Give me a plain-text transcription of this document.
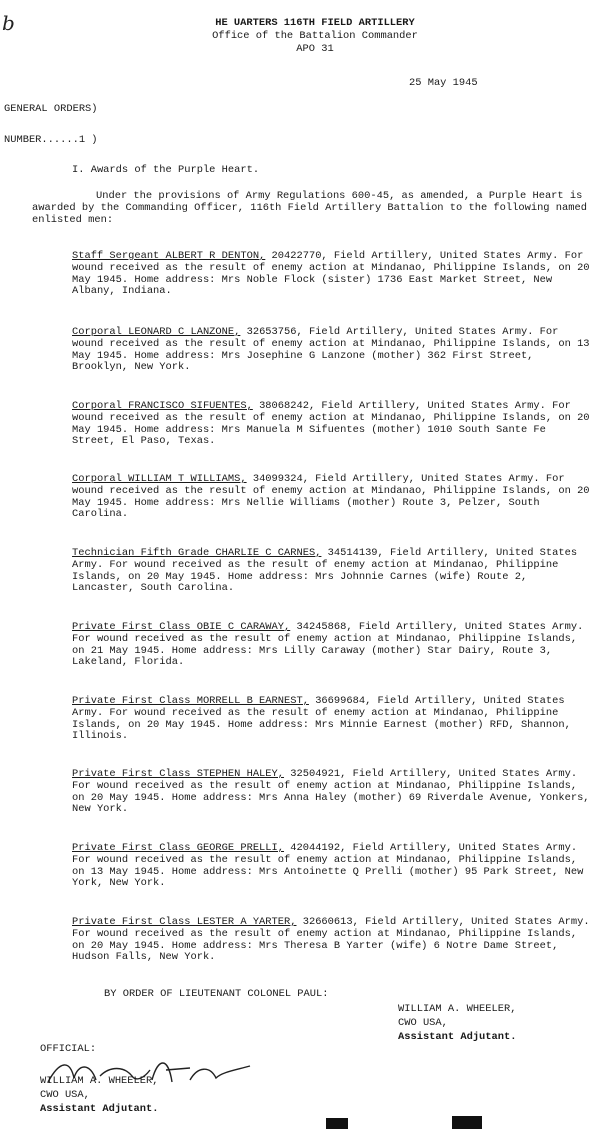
b	HE UARTERS 116TH FIELD ARTILLERY
Office of the Battalion Commander
APO 31
25 May 1945
GENERAL ORDERS)
NUMBER......1 )
I. Awards of the Purple Heart.
Under the provisions of Army Regulations 600-45, as amended, a Purple Heart is awarded by the Commanding Officer, 116th Field Artillery Battalion to the following named enlisted men:
Staff Sergeant ALBERT R DENTON, 20422770, Field Artillery, United States Army. For wound received as the result of enemy action at Mindanao, Philippine Islands, on 20 May 1945. Home address: Mrs Noble Flock (sister) 1736 East Market Street, New Albany, Indiana.
Corporal LEONARD C LANZONE, 32653756, Field Artillery, United States Army. For wound received as the result of enemy action at Mindanao, Philippine Islands, on 13 May 1945. Home address: Mrs Josephine G Lanzone (mother) 362 First Street, Brooklyn, New York.
Corporal FRANCISCO SIFUENTES, 38068242, Field Artillery, United States Army. For wound received as the result of enemy action at Mindanao, Philippine Islands, on 20 May 1945. Home address: Mrs Manuela M Sifuentes (mother) 1010 South Sante Fe Street, El Paso, Texas.
Corporal WILLIAM T WILLIAMS, 34099324, Field Artillery, United States Army. For wound received as the result of enemy action at Mindanao, Philippine Islands, on 20 May 1945. Home address: Mrs Nellie Williams (mother) Route 3, Pelzer, South Carolina.
Technician Fifth Grade CHARLIE C CARNES, 34514139, Field Artillery, United States Army. For wound received as the result of enemy action at Mindanao, Philippine Islands, on 20 May 1945. Home address: Mrs Johnnie Carnes (wife) Route 2, Lancaster, South Carolina.
Private First Class OBIE C CARAWAY, 34245868, Field Artillery, United States Army. For wound received as the result of enemy action at Mindanao, Philippine Islands, on 21 May 1945. Home address: Mrs Lilly Caraway (mother) Star Dairy, Route 3, Lakeland, Florida.
Private First Class MORRELL B EARNEST, 36699684, Field Artillery, United States Army. For wound received as the result of enemy action at Mindanao, Philippine Islands, on 20 May 1945. Home address: Mrs Minnie Earnest (mother) RFD, Shannon, Illinois.
Private First Class STEPHEN HALEY, 32504921, Field Artillery, United States Army. For wound received as the result of enemy action at Mindanao, Philippine Islands, on 20 May 1945. Home address: Mrs Anna Haley (mother) 69 Riverdale Avenue, Yonkers, New York.
Private First Class GEORGE PRELLI, 42044192, Field Artillery, United States Army. For wound received as the result of enemy action at Mindanao, Philippine Islands, on 13 May 1945. Home address: Mrs Antoinette Q Prelli (mother) 95 Park Street, New York, New York.
Private First Class LESTER A YARTER, 32660613, Field Artillery, United States Army. For wound received as the result of enemy action at Mindanao, Philippine Islands, on 20 May 1945. Home address: Mrs Theresa B Yarter (wife) 6 Notre Dame Street, Hudson Falls, New York.
BY ORDER OF LIEUTENANT COLONEL PAUL:
WILLIAM A. WHEELER,
CWO USA,
Assistant Adjutant.
OFFICIAL:
WILLIAM A. WHEELER,
CWO USA,
Assistant Adjutant.
